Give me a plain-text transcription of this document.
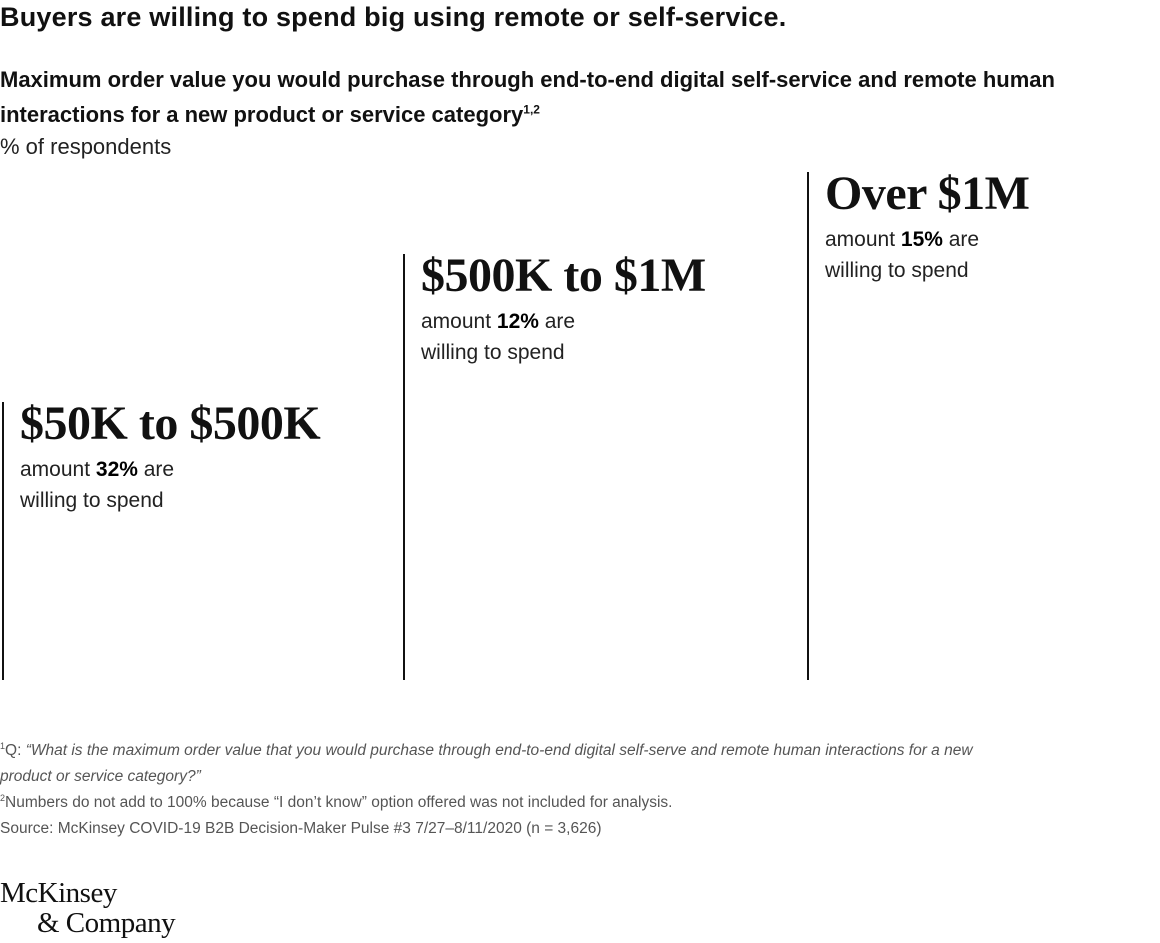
Buyers are willing to spend big using remote or self-service.
Maximum order value you would purchase through end-to-end digital self-service and remote human interactions for a new product or service category$^{1,2}$
% of respondents
$50K to $500K
amount 32% are
willing to spend
$500K to $1M
amount 12% are
willing to spend
Over $1M
amount 15% are
willing to spend
$^1$Q: “What is the maximum order value that you would purchase through end-to-end digital self-serve and remote human interactions for a new
product or service category?”
$^2$Numbers do not add to 100% because “I don’t know” option offered was not included for analysis.
Source: McKinsey COVID-19 B2B Decision-Maker Pulse #3 7/27–8/11/2020 (n = 3,626)
McKinsey
& Company
